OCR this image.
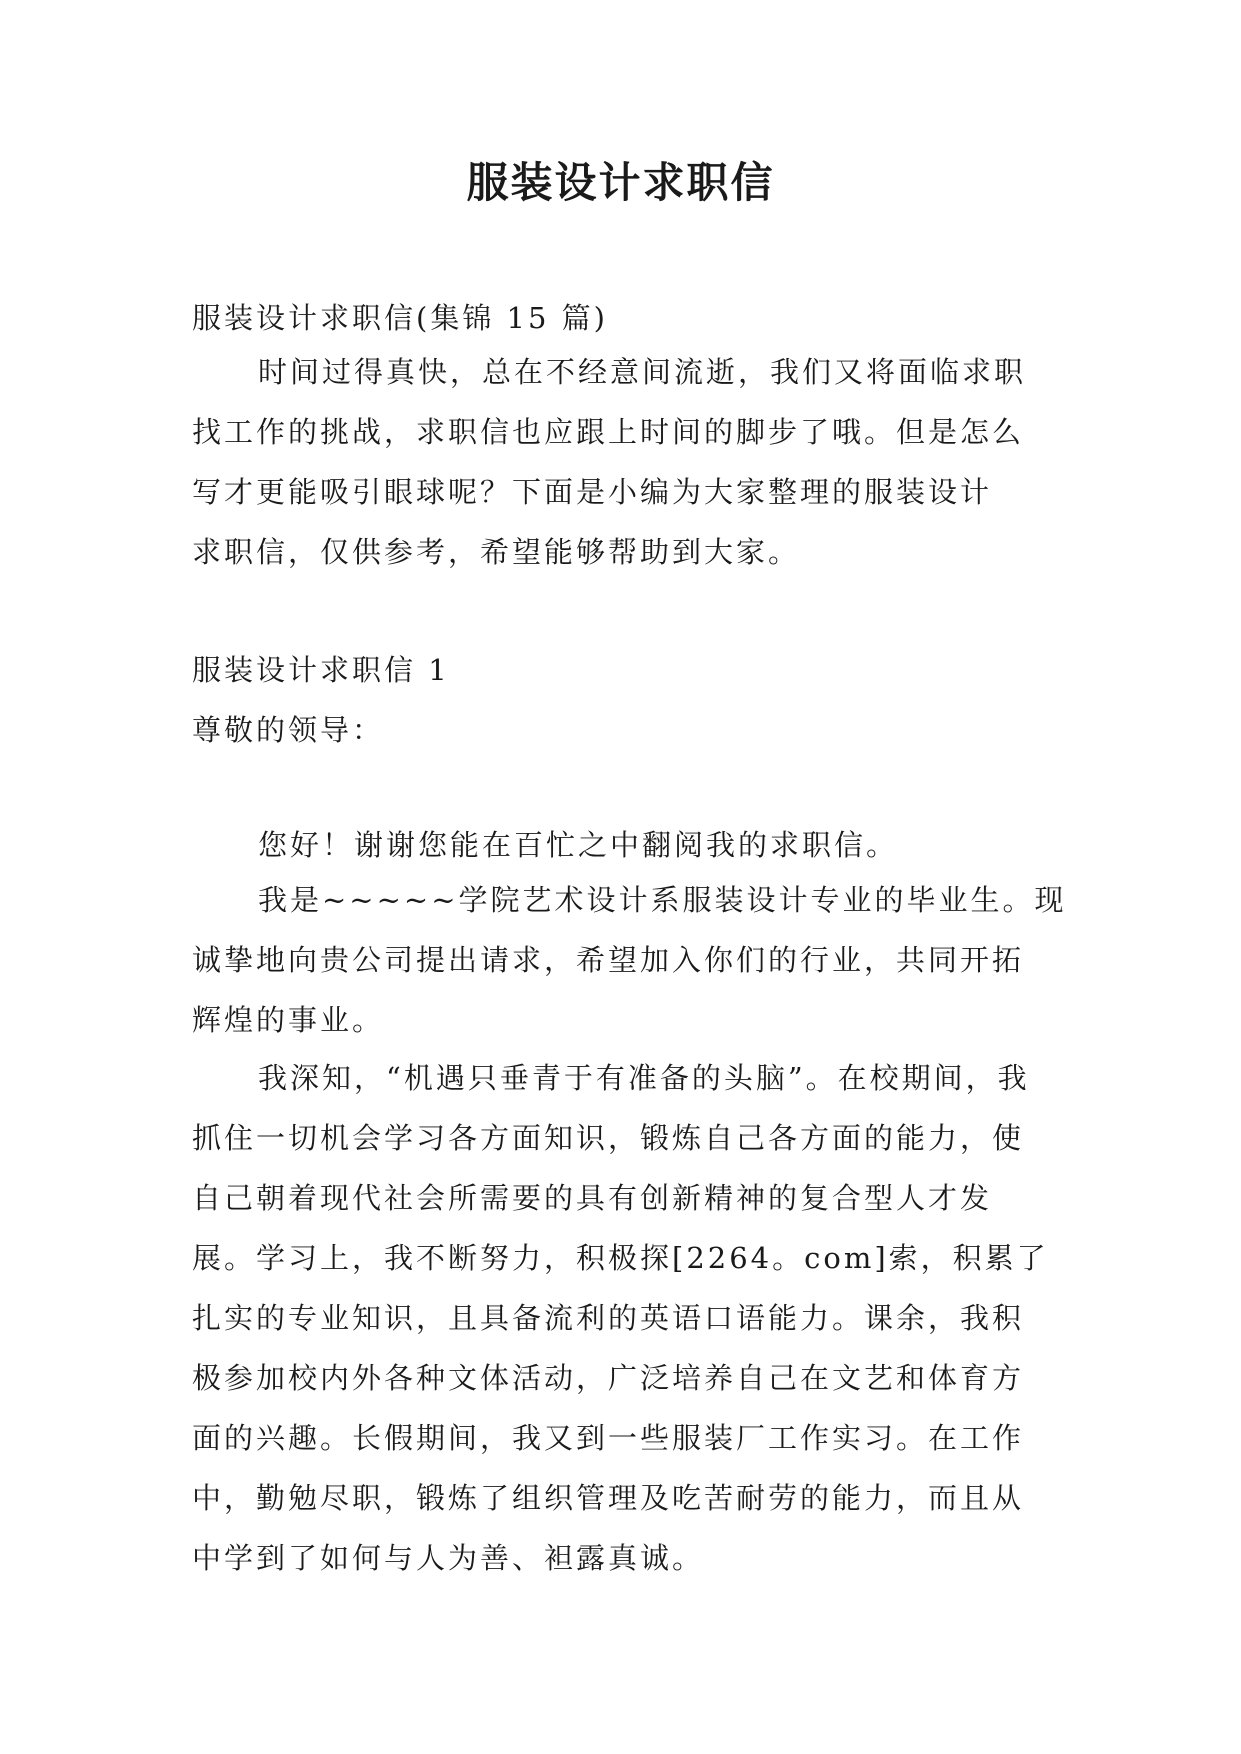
服装设计求职信
服装设计求职信(集锦 15 篇)
时间过得真快，总在不经意间流逝，我们又将面临求职
找工作的挑战，求职信也应跟上时间的脚步了哦。但是怎么
写才更能吸引眼球呢？下面是小编为大家整理的服装设计
求职信，仅供参考，希望能够帮助到大家。
服装设计求职信 1
尊敬的领导：
您好！谢谢您能在百忙之中翻阅我的求职信。
我是~~~~~学院艺术设计系服装设计专业的毕业生。现
诚挚地向贵公司提出请求，希望加入你们的行业，共同开拓
辉煌的事业。
我深知，“机遇只垂青于有准备的头脑”。在校期间，我
抓住一切机会学习各方面知识，锻炼自己各方面的能力，使
自己朝着现代社会所需要的具有创新精神的复合型人才发
展。学习上，我不断努力，积极探[2264。com]索，积累了
扎实的专业知识，且具备流利的英语口语能力。课余，我积
极参加校内外各种文体活动，广泛培养自己在文艺和体育方
面的兴趣。长假期间，我又到一些服装厂工作实习。在工作
中，勤勉尽职，锻炼了组织管理及吃苦耐劳的能力，而且从
中学到了如何与人为善、袒露真诚。
